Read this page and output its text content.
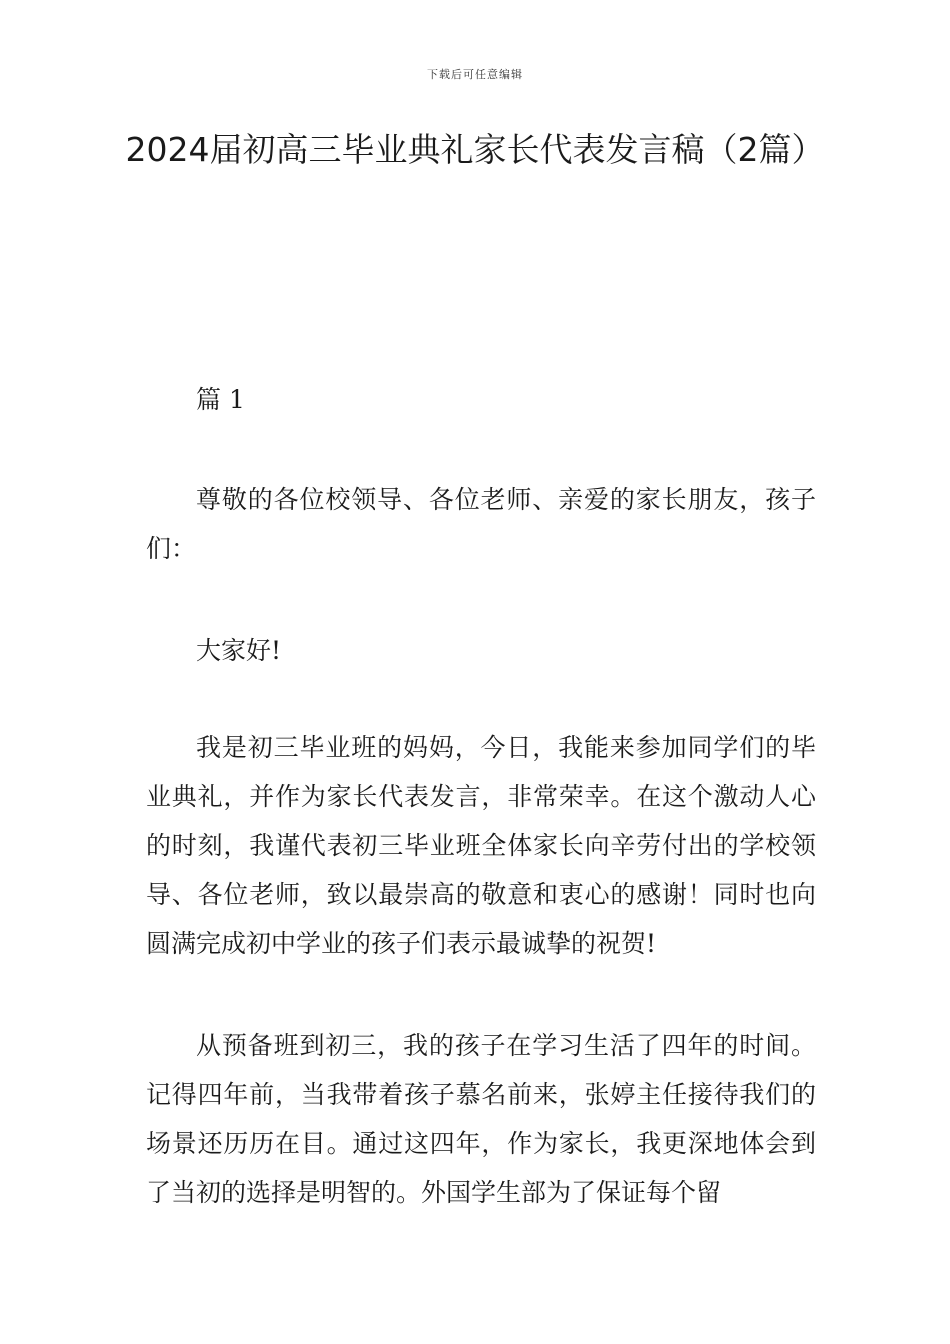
下载后可任意编辑
2024届初高三毕业典礼家长代表发言稿（2篇）
篇 1

尊敬的各位校领导、各位老师、亲爱的家长朋友，孩子们：

大家好!

我是初三毕业班的妈妈，今日，我能来参加同学们的毕业典礼，并作为家长代表发言，非常荣幸。在这个激动人心的时刻，我谨代表初三毕业班全体家长向辛劳付出的学校领导、各位老师，致以最崇高的敬意和衷心的感谢！同时也向圆满完成初中学业的孩子们表示最诚挚的祝贺!

从预备班到初三，我的孩子在学习生活了四年的时间。记得四年前，当我带着孩子慕名前来，张婷主任接待我们的场景还历历在目。通过这四年，作为家长，我更深地体会到了当初的选择是明智的。外国学生部为了保证每个留
